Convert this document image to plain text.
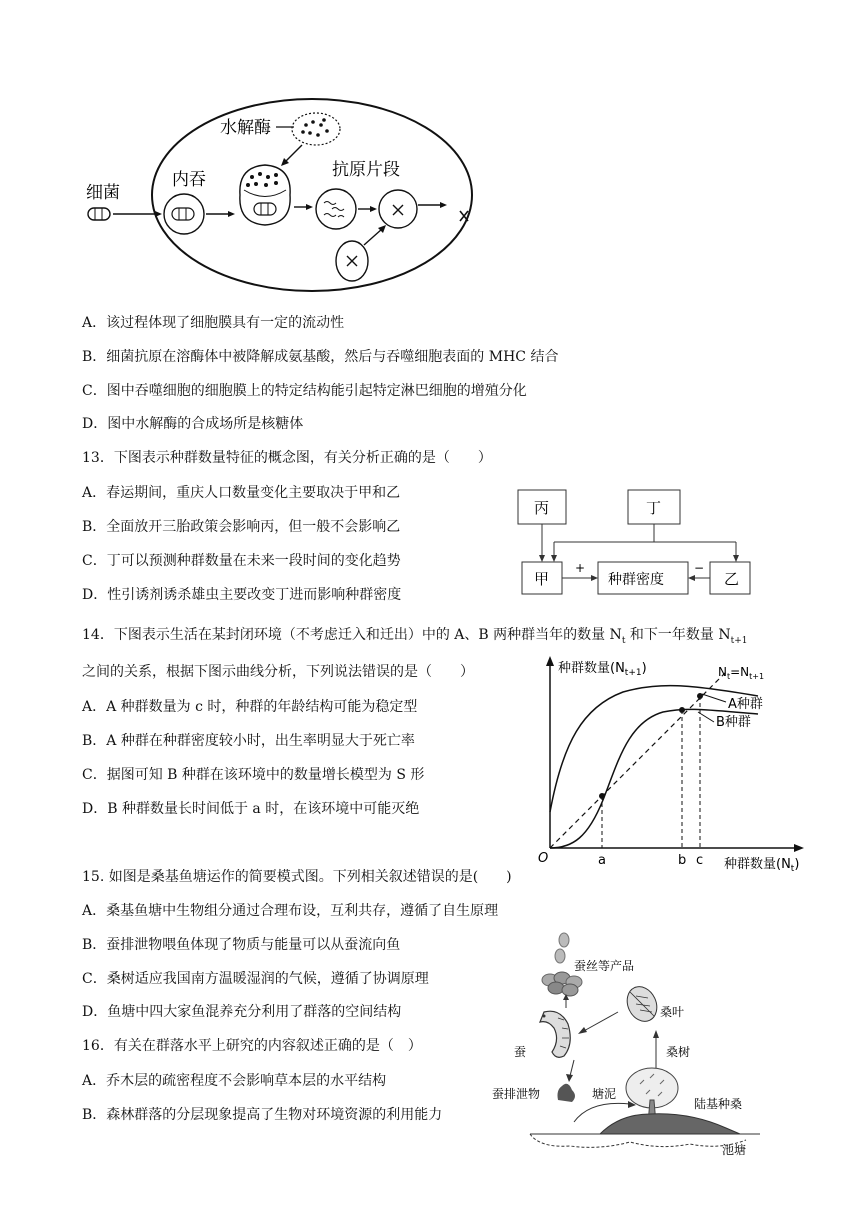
细菌
内吞
水解酶
抗原片段
A．该过程体现了细胞膜具有一定的流动性
B．细菌抗原在溶酶体中被降解成氨基酸，然后与吞噬细胞表面的 MHC 结合
C．图中吞噬细胞的细胞膜上的特定结构能引起特定淋巴细胞的增殖分化
D．图中水解酶的合成场所是核糖体
13．下图表示种群数量特征的概念图，有关分析正确的是（　　）
A．春运期间，重庆人口数量变化主要取决于甲和乙
B．全面放开三胎政策会影响丙，但一般不会影响乙
C．丁可以预测种群数量在未来一段时间的变化趋势
D．性引诱剂诱杀雄虫主要改变丁进而影响种群密度
丙	丁
甲	种群密度	乙
+	−
14．下图表示生活在某封闭环境（不考虑迁入和迁出）中的 A、B 两种群当年的数量 $N_t$ 和下一年数量 $N_{t+1}$
之间的关系，根据下图示曲线分析，下列说法错误的是（　　）
A．A 种群数量为 c 时，种群的年龄结构可能为稳定型
B．A 种群在种群密度较小时，出生率明显大于死亡率
C．据图可知 B 种群在该环境中的数量增长模型为 S 形
D．B 种群数量长时间低于 a 时，在该环境中可能灭绝
种群数量$(N_{t+1})$
种群数量$(N_t)$
O
$N_t=N_{t+1}$
A种群
B种群
a	b c
15. 如图是桑基鱼塘运作的简要模式图。下列相关叙述错误的是(　　)
A．桑基鱼塘中生物组分通过合理布设，互利共存，遵循了自生原理
B．蚕排泄物喂鱼体现了物质与能量可以从蚕流向鱼
C．桑树适应我国南方温暖湿润的气候，遵循了协调原理
D．鱼塘中四大家鱼混养充分利用了群落的空间结构
16．有关在群落水平上研究的内容叙述正确的是（　）
A．乔木层的疏密程度不会影响草本层的水平结构
B．森林群落的分层现象提高了生物对环境资源的利用能力
蚕丝等产品
桑叶
蚕	桑树
蚕排泄物	塘泥
陆基种桑
池塘
